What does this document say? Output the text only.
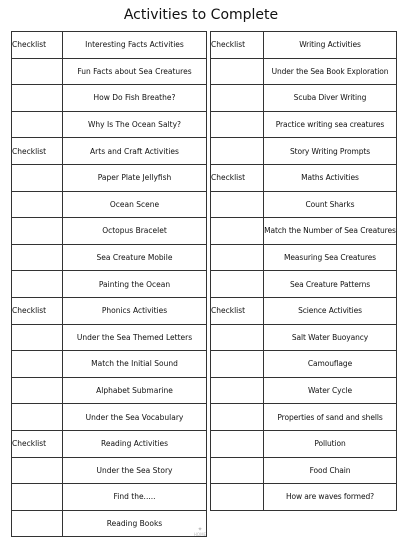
Activities to Complete
Checklist	Interesting Facts Activities
	Fun Facts about Sea Creatures
	How Do Fish Breathe?
	Why Is The Ocean Salty?
Checklist	Arts and Craft Activities
	Paper Plate Jellyfish
	Ocean Scene
	Octopus Bracelet
	Sea Creature Mobile
	Painting the Ocean
Checklist	Phonics Activities
	Under the Sea Themed Letters
	Match the Initial Sound
	Alphabet Submarine
	Under the Sea Vocabulary
Checklist	Reading Activities
	Under the Sea Story
	Find the.....
	Reading Books
Checklist	Writing Activities
	Under the Sea Book Exploration
	Scuba Diver Writing
	Practice writing sea creatures
	Story Writing Prompts
Checklist	Maths Activities
	Count Sharks
	Match the Number of Sea Creatures
	Measuring Sea Creatures
	Sea Creature Patterns
Checklist	Science Activities
	Salt Water Buoyancy
	Camouflage
	Water Cycle
	Properties of sand and shells
	Pollution
	Food Chain
	How are waves formed?
✦
HOME
